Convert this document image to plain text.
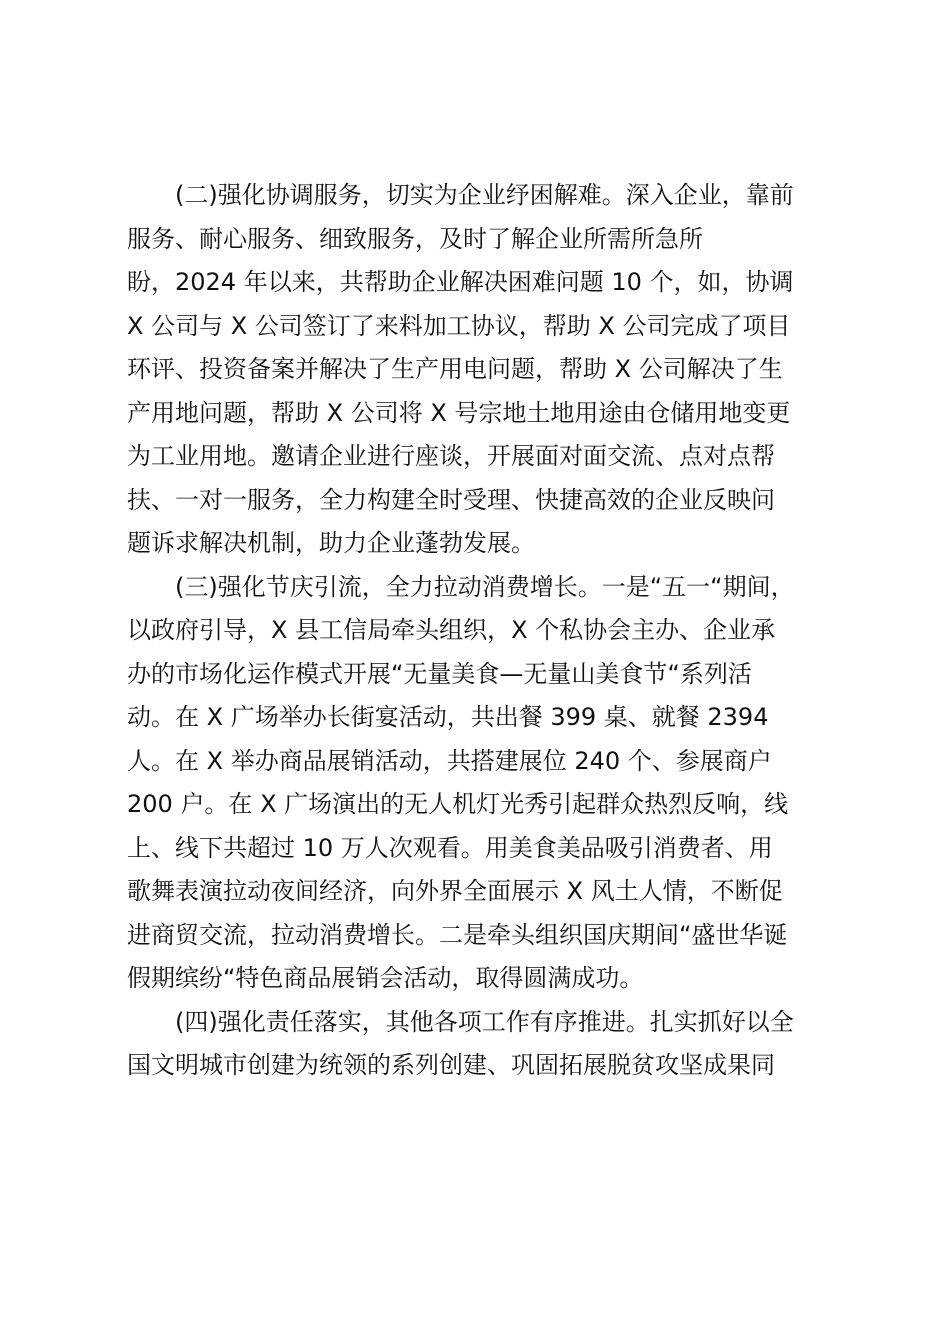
(二)强化协调服务，切实为企业纾困解难。深入企业，靠前
服务、耐心服务、细致服务，及时了解企业所需所急所
盼，2024 年以来，共帮助企业解决困难问题 10 个，如，协调
X 公司与 X 公司签订了来料加工协议，帮助 X 公司完成了项目
环评、投资备案并解决了生产用电问题，帮助 X 公司解决了生
产用地问题，帮助 X 公司将 X 号宗地土地用途由仓储用地变更
为工业用地。邀请企业进行座谈，开展面对面交流、点对点帮
扶、一对一服务，全力构建全时受理、快捷高效的企业反映问
题诉求解决机制，助力企业蓬勃发展。
(三)强化节庆引流，全力拉动消费增长。一是“五一“期间，
以政府引导，X 县工信局牵头组织，X 个私协会主办、企业承
办的市场化运作模式开展“无量美食—无量山美食节“系列活
动。在 X 广场举办长街宴活动，共出餐 399 桌、就餐 2394
人。在 X 举办商品展销活动，共搭建展位 240 个、参展商户
200 户。在 X 广场演出的无人机灯光秀引起群众热烈反响，线
上、线下共超过 10 万人次观看。用美食美品吸引消费者、用
歌舞表演拉动夜间经济，向外界全面展示 X 风土人情，不断促
进商贸交流，拉动消费增长。二是牵头组织国庆期间“盛世华诞
假期缤纷“特色商品展销会活动，取得圆满成功。
(四)强化责任落实，其他各项工作有序推进。扎实抓好以全
国文明城市创建为统领的系列创建、巩固拓展脱贫攻坚成果同
